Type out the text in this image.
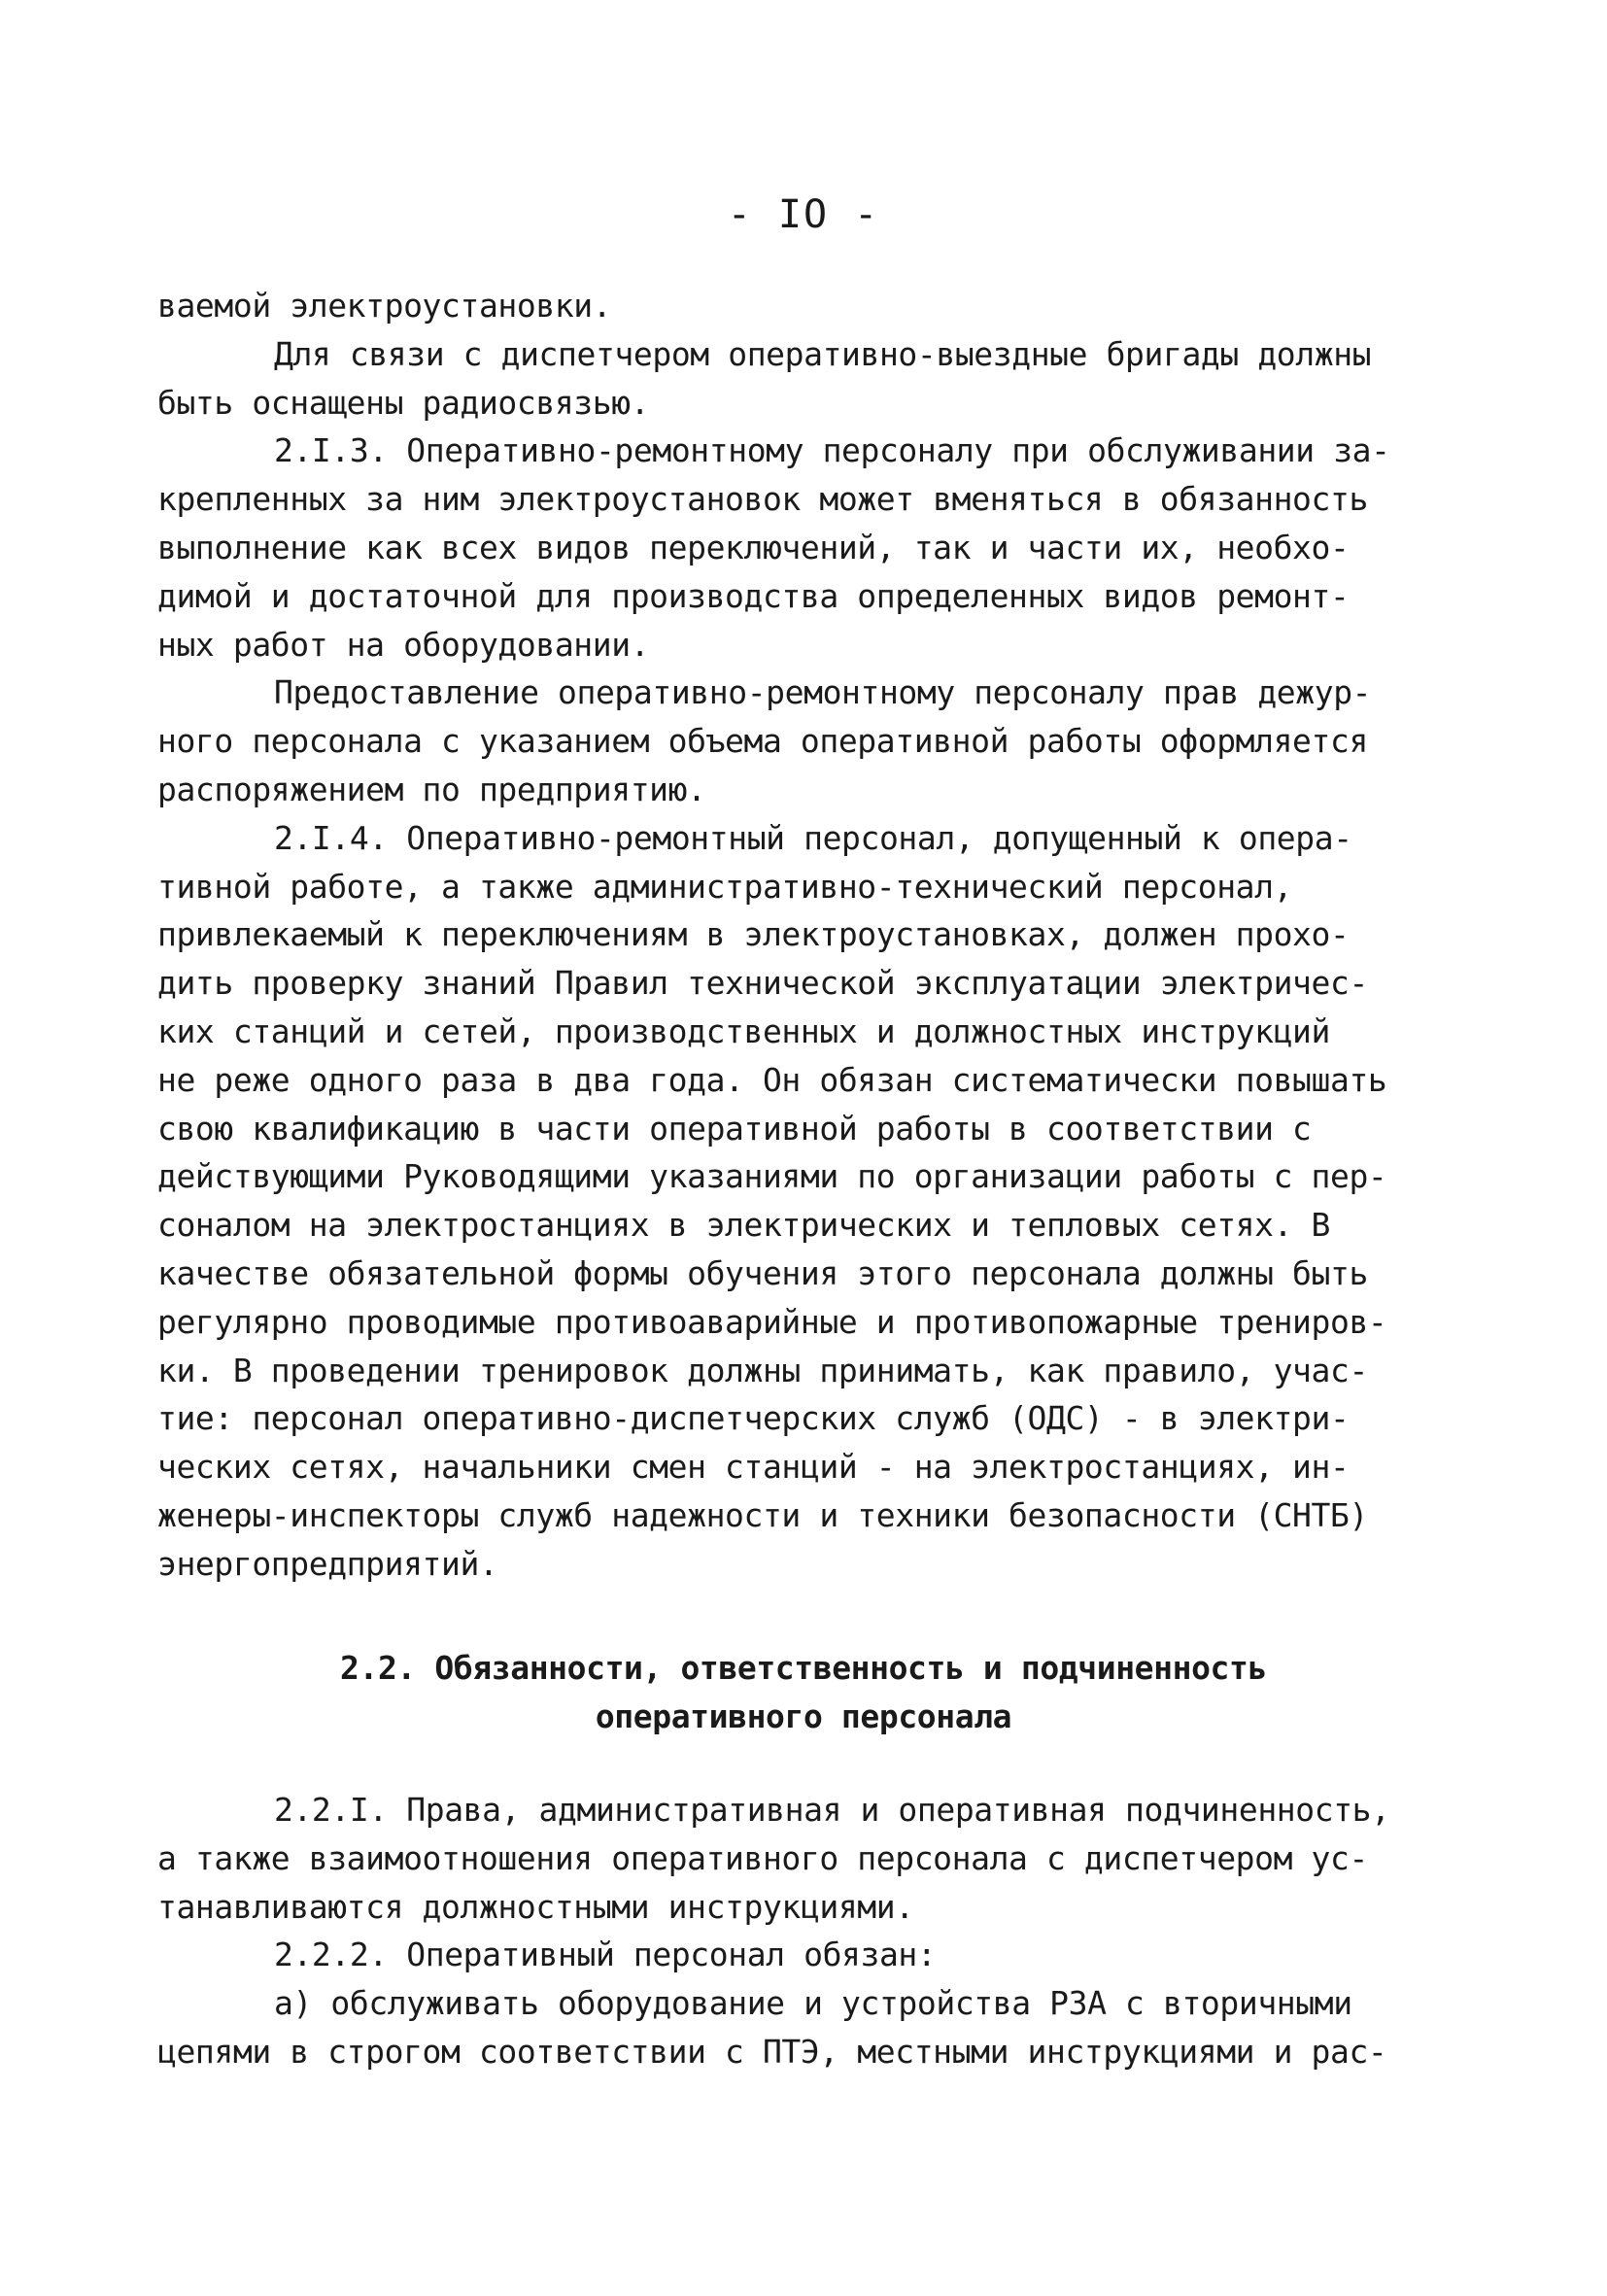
- IO -
ваемой электроустановки.
Для связи с диспетчером оперативно-выездные бригады должны
быть оснащены радиосвязью.
2.I.3. Оперативно-ремонтному персоналу при обслуживании за-
крепленных за ним электроустановок может вменяться в обязанность
выполнение как всех видов переключений, так и части их, необхо-
димой и достаточной для производства определенных видов ремонт-
ных работ на оборудовании.
Предоставление оперативно-ремонтному персоналу прав дежур-
ного персонала с указанием объема оперативной работы оформляется
распоряжением по предприятию.
2.I.4. Оперативно-ремонтный персонал, допущенный к опера-
тивной работе, а также административно-технический персонал,
привлекаемый к переключениям в электроустановках, должен прохо-
дить проверку знаний Правил технической эксплуатации электричес-
ких станций и сетей, производственных и должностных инструкций
не реже одного раза в два года. Он обязан систематически повышать
свою квалификацию в части оперативной работы в соответствии с
действующими Руководящими указаниями по организации работы с пер-
соналом на электростанциях в электрических и тепловых сетях. В
качестве обязательной формы обучения этого персонала должны быть
регулярно проводимые противоаварийные и противопожарные трениров-
ки. В проведении тренировок должны принимать, как правило, учас-
тие: персонал оперативно-диспетчерских служб (ОДС) - в электри-
ческих сетях, начальники смен станций - на электростанциях, ин-
женеры-инспекторы служб надежности и техники безопасности (СНТБ)
энергопредприятий.
2.2. Обязанности, ответственность и подчиненность
оперативного персонала
2.2.I. Права, административная и оперативная подчиненность,
а также взаимоотношения оперативного персонала с диспетчером ус-
танавливаются должностными инструкциями.
2.2.2. Оперативный персонал обязан:
а) обслуживать оборудование и устройства РЗА с вторичными
цепями в строгом соответствии с ПТЭ, местными инструкциями и рас-
